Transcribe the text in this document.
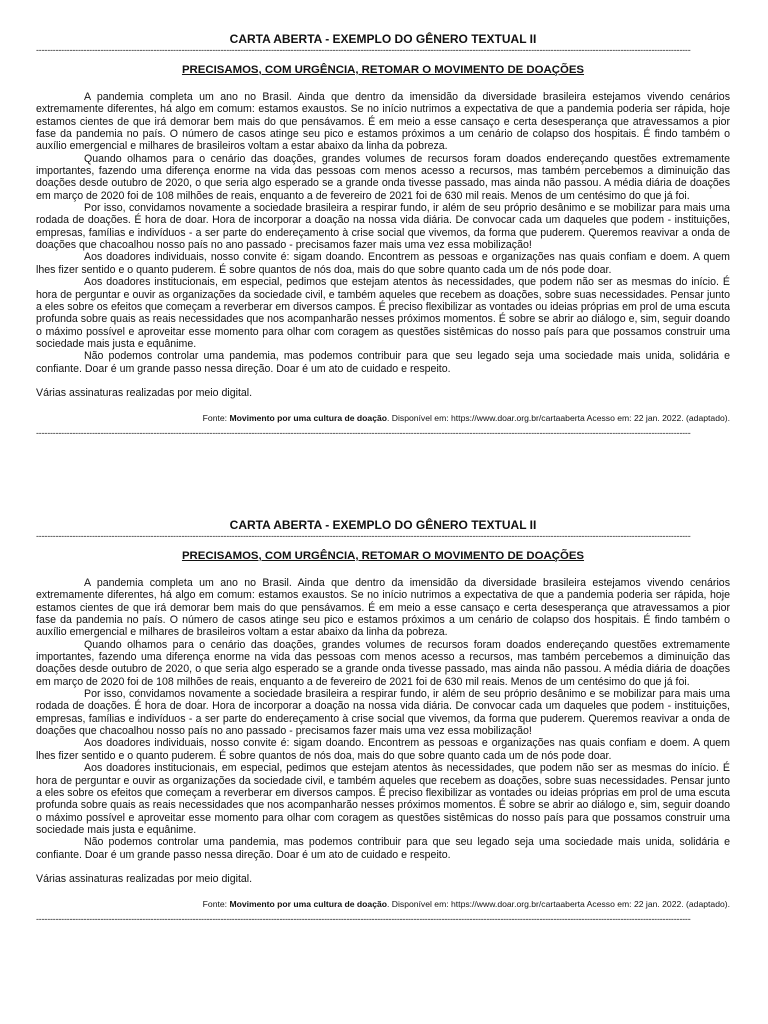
CARTA ABERTA - EXEMPLO DO GÊNERO TEXTUAL II
------------------------------------------------------------------------------------------------------------------------------------------------------------------------------------------------------------------------------------------
PRECISAMOS, COM URGÊNCIA, RETOMAR O MOVIMENTO DE DOAÇÕES

A pandemia completa um ano no Brasil. Ainda que dentro da imensidão da diversidade brasileira estejamos vivendo cenários extremamente diferentes, há algo em comum: estamos exaustos. Se no início nutrimos a expectativa de que a pandemia poderia ser rápida, hoje estamos cientes de que irá demorar bem mais do que pensávamos. É em meio a esse cansaço e certa desesperança que atravessamos a pior fase da pandemia no país. O número de casos atinge seu pico e estamos próximos a um cenário de colapso dos hospitais. É findo também o auxílio emergencial e milhares de brasileiros voltam a estar abaixo da linha da pobreza.

Quando olhamos para o cenário das doações, grandes volumes de recursos foram doados endereçando questões extremamente importantes, fazendo uma diferença enorme na vida das pessoas com menos acesso a recursos, mas também percebemos a diminuição das doações desde outubro de 2020, o que seria algo esperado se a grande onda tivesse passado, mas ainda não passou. A média diária de doações em março de 2020 foi de 108 milhões de reais, enquanto a de fevereiro de 2021 foi de 630 mil reais. Menos de um centésimo do que já foi.

Por isso, convidamos novamente a sociedade brasileira a respirar fundo, ir além de seu próprio desânimo e se mobilizar para mais uma rodada de doações. É hora de doar. Hora de incorporar a doação na nossa vida diária. De convocar cada um daqueles que podem - instituições, empresas, famílias e indivíduos - a ser parte do endereçamento à crise social que vivemos, da forma que puderem. Queremos reavivar a onda de doações que chacoalhou nosso país no ano passado - precisamos fazer mais uma vez essa mobilização!

Aos doadores individuais, nosso convite é: sigam doando. Encontrem as pessoas e organizações nas quais confiam e doem. A quem lhes fizer sentido e o quanto puderem. É sobre quantos de nós doa, mais do que sobre quanto cada um de nós pode doar.

Aos doadores institucionais, em especial, pedimos que estejam atentos às necessidades, que podem não ser as mesmas do início. É hora de perguntar e ouvir as organizações da sociedade civil, e também aqueles que recebem as doações, sobre suas necessidades. Pensar junto a eles sobre os efeitos que começam a reverberar em diversos campos. É preciso flexibilizar as vontades ou ideias próprias em prol de uma escuta profunda sobre quais as reais necessidades que nos acompanharão nesses próximos momentos. É sobre se abrir ao diálogo e, sim, seguir doando o máximo possível e aproveitar esse momento para olhar com coragem as questões sistêmicas do nosso país para que possamos construir uma sociedade mais justa e equânime.

Não podemos controlar uma pandemia, mas podemos contribuir para que seu legado seja uma sociedade mais unida, solidária e confiante. Doar é um grande passo nessa direção. Doar é um ato de cuidado e respeito.

Várias assinaturas realizadas por meio digital.
Fonte: Movimento por uma cultura de doação. Disponível em: https://www.doar.org.br/cartaaberta Acesso em: 22 jan. 2022. (adaptado).
------------------------------------------------------------------------------------------------------------------------------------------------------------------------------------------------------------------------------------------
CARTA ABERTA - EXEMPLO DO GÊNERO TEXTUAL II
------------------------------------------------------------------------------------------------------------------------------------------------------------------------------------------------------------------------------------------
PRECISAMOS, COM URGÊNCIA, RETOMAR O MOVIMENTO DE DOAÇÕES

A pandemia completa um ano no Brasil. Ainda que dentro da imensidão da diversidade brasileira estejamos vivendo cenários extremamente diferentes, há algo em comum: estamos exaustos. Se no início nutrimos a expectativa de que a pandemia poderia ser rápida, hoje estamos cientes de que irá demorar bem mais do que pensávamos. É em meio a esse cansaço e certa desesperança que atravessamos a pior fase da pandemia no país. O número de casos atinge seu pico e estamos próximos a um cenário de colapso dos hospitais. É findo também o auxílio emergencial e milhares de brasileiros voltam a estar abaixo da linha da pobreza.

Quando olhamos para o cenário das doações, grandes volumes de recursos foram doados endereçando questões extremamente importantes, fazendo uma diferença enorme na vida das pessoas com menos acesso a recursos, mas também percebemos a diminuição das doações desde outubro de 2020, o que seria algo esperado se a grande onda tivesse passado, mas ainda não passou. A média diária de doações em março de 2020 foi de 108 milhões de reais, enquanto a de fevereiro de 2021 foi de 630 mil reais. Menos de um centésimo do que já foi.

Por isso, convidamos novamente a sociedade brasileira a respirar fundo, ir além de seu próprio desânimo e se mobilizar para mais uma rodada de doações. É hora de doar. Hora de incorporar a doação na nossa vida diária. De convocar cada um daqueles que podem - instituições, empresas, famílias e indivíduos - a ser parte do endereçamento à crise social que vivemos, da forma que puderem. Queremos reavivar a onda de doações que chacoalhou nosso país no ano passado - precisamos fazer mais uma vez essa mobilização!

Aos doadores individuais, nosso convite é: sigam doando. Encontrem as pessoas e organizações nas quais confiam e doem. A quem lhes fizer sentido e o quanto puderem. É sobre quantos de nós doa, mais do que sobre quanto cada um de nós pode doar.

Aos doadores institucionais, em especial, pedimos que estejam atentos às necessidades, que podem não ser as mesmas do início. É hora de perguntar e ouvir as organizações da sociedade civil, e também aqueles que recebem as doações, sobre suas necessidades. Pensar junto a eles sobre os efeitos que começam a reverberar em diversos campos. É preciso flexibilizar as vontades ou ideias próprias em prol de uma escuta profunda sobre quais as reais necessidades que nos acompanharão nesses próximos momentos. É sobre se abrir ao diálogo e, sim, seguir doando o máximo possível e aproveitar esse momento para olhar com coragem as questões sistêmicas do nosso país para que possamos construir uma sociedade mais justa e equânime.

Não podemos controlar uma pandemia, mas podemos contribuir para que seu legado seja uma sociedade mais unida, solidária e confiante. Doar é um grande passo nessa direção. Doar é um ato de cuidado e respeito.

Várias assinaturas realizadas por meio digital.
Fonte: Movimento por uma cultura de doação. Disponível em: https://www.doar.org.br/cartaaberta Acesso em: 22 jan. 2022. (adaptado).
------------------------------------------------------------------------------------------------------------------------------------------------------------------------------------------------------------------------------------------
